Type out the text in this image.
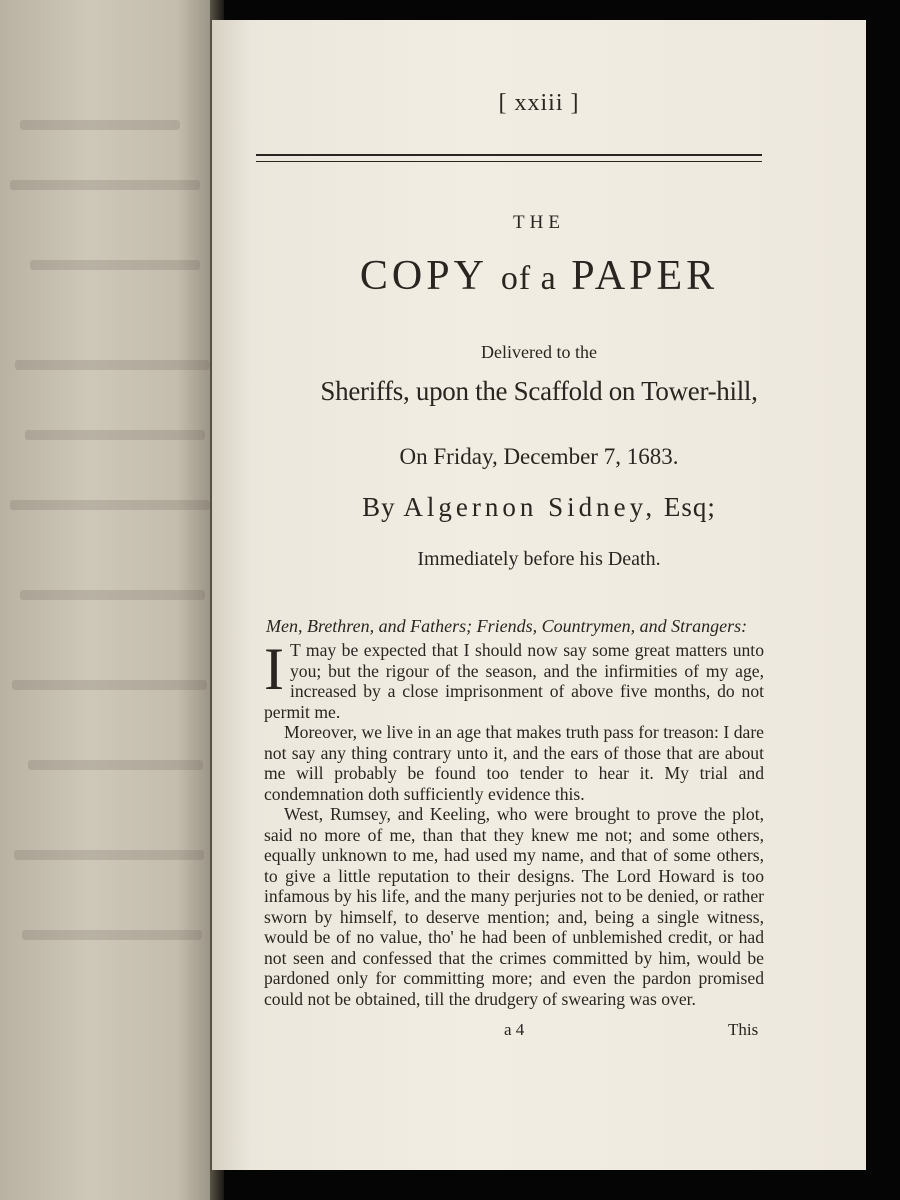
[ xxiii ]
THE
COPY of a PAPER
Delivered to the
Sheriffs, upon the Scaffold on Tower-hill,
On Friday, December 7, 1683.
By Algernon Sidney, Esq;
Immediately before his Death.
Men, Brethren, and Fathers; Friends, Countrymen, and Strangers:

I T may be expected that I should now say some great matters unto you; but the rigour of the season, and the infirmities of my age, increased by a close imprisonment of above five months, do not permit me.

Moreover, we live in an age that makes truth pass for treason: I dare not say any thing contrary unto it, and the ears of those that are about me will probably be found too tender to hear it. My trial and condemnation doth sufficiently evidence this.

West, Rumsey, and Keeling, who were brought to prove the plot, said no more of me, than that they knew me not; and some others, equally unknown to me, had used my name, and that of some others, to give a little reputation to their designs. The Lord Howard is too infamous by his life, and the many perjuries not to be denied, or rather sworn by himself, to deserve mention; and, being a single witness, would be of no value, tho' he had been of unblemished credit, or had not seen and confessed that the crimes committed by him, would be pardoned only for committing more; and even the pardon promised could not be obtained, till the drudgery of swearing was over.

a 4	This
